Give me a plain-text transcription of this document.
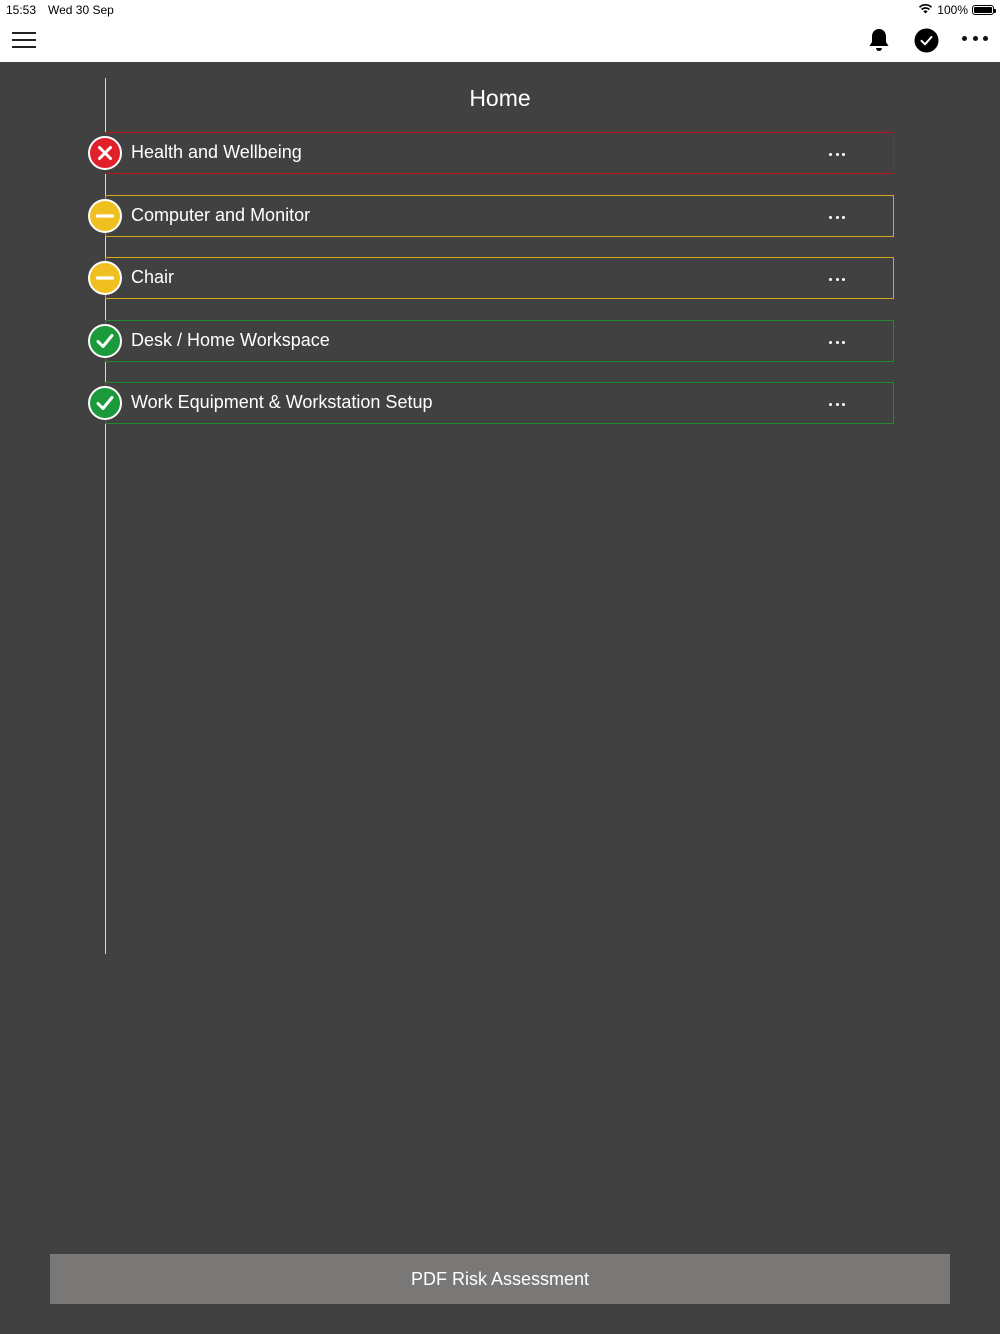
15:53 Wed 30 Sep	100%
Home
Health and Wellbeing
Computer and Monitor
Chair
Desk / Home Workspace
Work Equipment & Workstation Setup
PDF Risk Assessment
